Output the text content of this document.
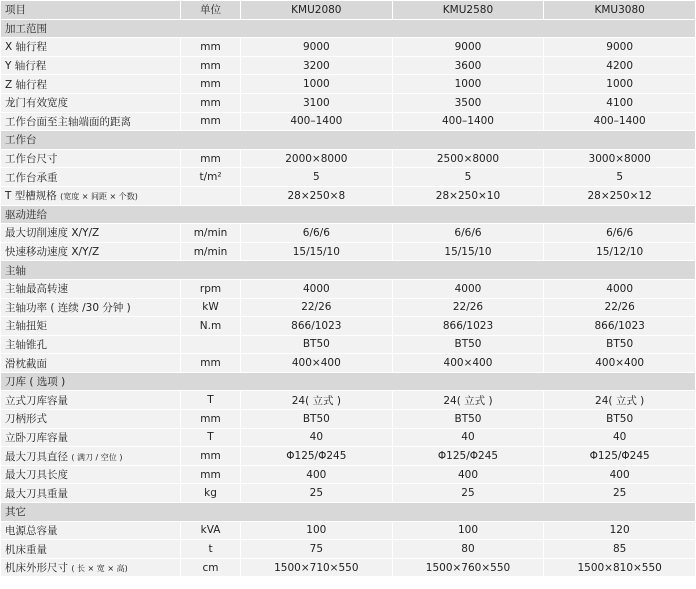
项目	单位	KMU2080	KMU2580	KMU3080
加工范围				
X 轴行程	mm	9000	9000	9000
Y 轴行程	mm	3200	3600	4200
Z 轴行程	mm	1000	1000	1000
龙门有效宽度	mm	3100	3500	4100
工作台面至主轴端面的距离	mm	400–1400	400–1400	400–1400
工作台				
工作台尺寸	mm	2000×8000	2500×8000	3000×8000
工作台承重	t/m²	5	5	5
T 型槽规格 (宽度 × 间距 × 个数)		28×250×8	28×250×10	28×250×12
驱动进给				
最大切削速度 X/Y/Z	m/min	6/6/6	6/6/6	6/6/6
快速移动速度 X/Y/Z	m/min	15/15/10	15/15/10	15/12/10
主轴				
主轴最高转速	rpm	4000	4000	4000
主轴功率 ( 连续 /30 分钟 )	kW	22/26	22/26	22/26
主轴扭矩	N.m	866/1023	866/1023	866/1023
主轴锥孔		BT50	BT50	BT50
滑枕截面	mm	400×400	400×400	400×400
刀库 ( 选项 )				
立式刀库容量	T	24( 立式 )	24( 立式 )	24( 立式 )
刀柄形式	mm	BT50	BT50	BT50
立卧刀库容量	T	40	40	40
最大刀具直径 ( 满刀 / 空位 )	mm	Φ125/Φ245	Φ125/Φ245	Φ125/Φ245
最大刀具长度	mm	400	400	400
最大刀具重量	kg	25	25	25
其它				
电源总容量	kVA	100	100	120
机床重量	t	75	80	85
机床外形尺寸 ( 长 × 宽 × 高)	cm	1500×710×550	1500×760×550	1500×810×550
